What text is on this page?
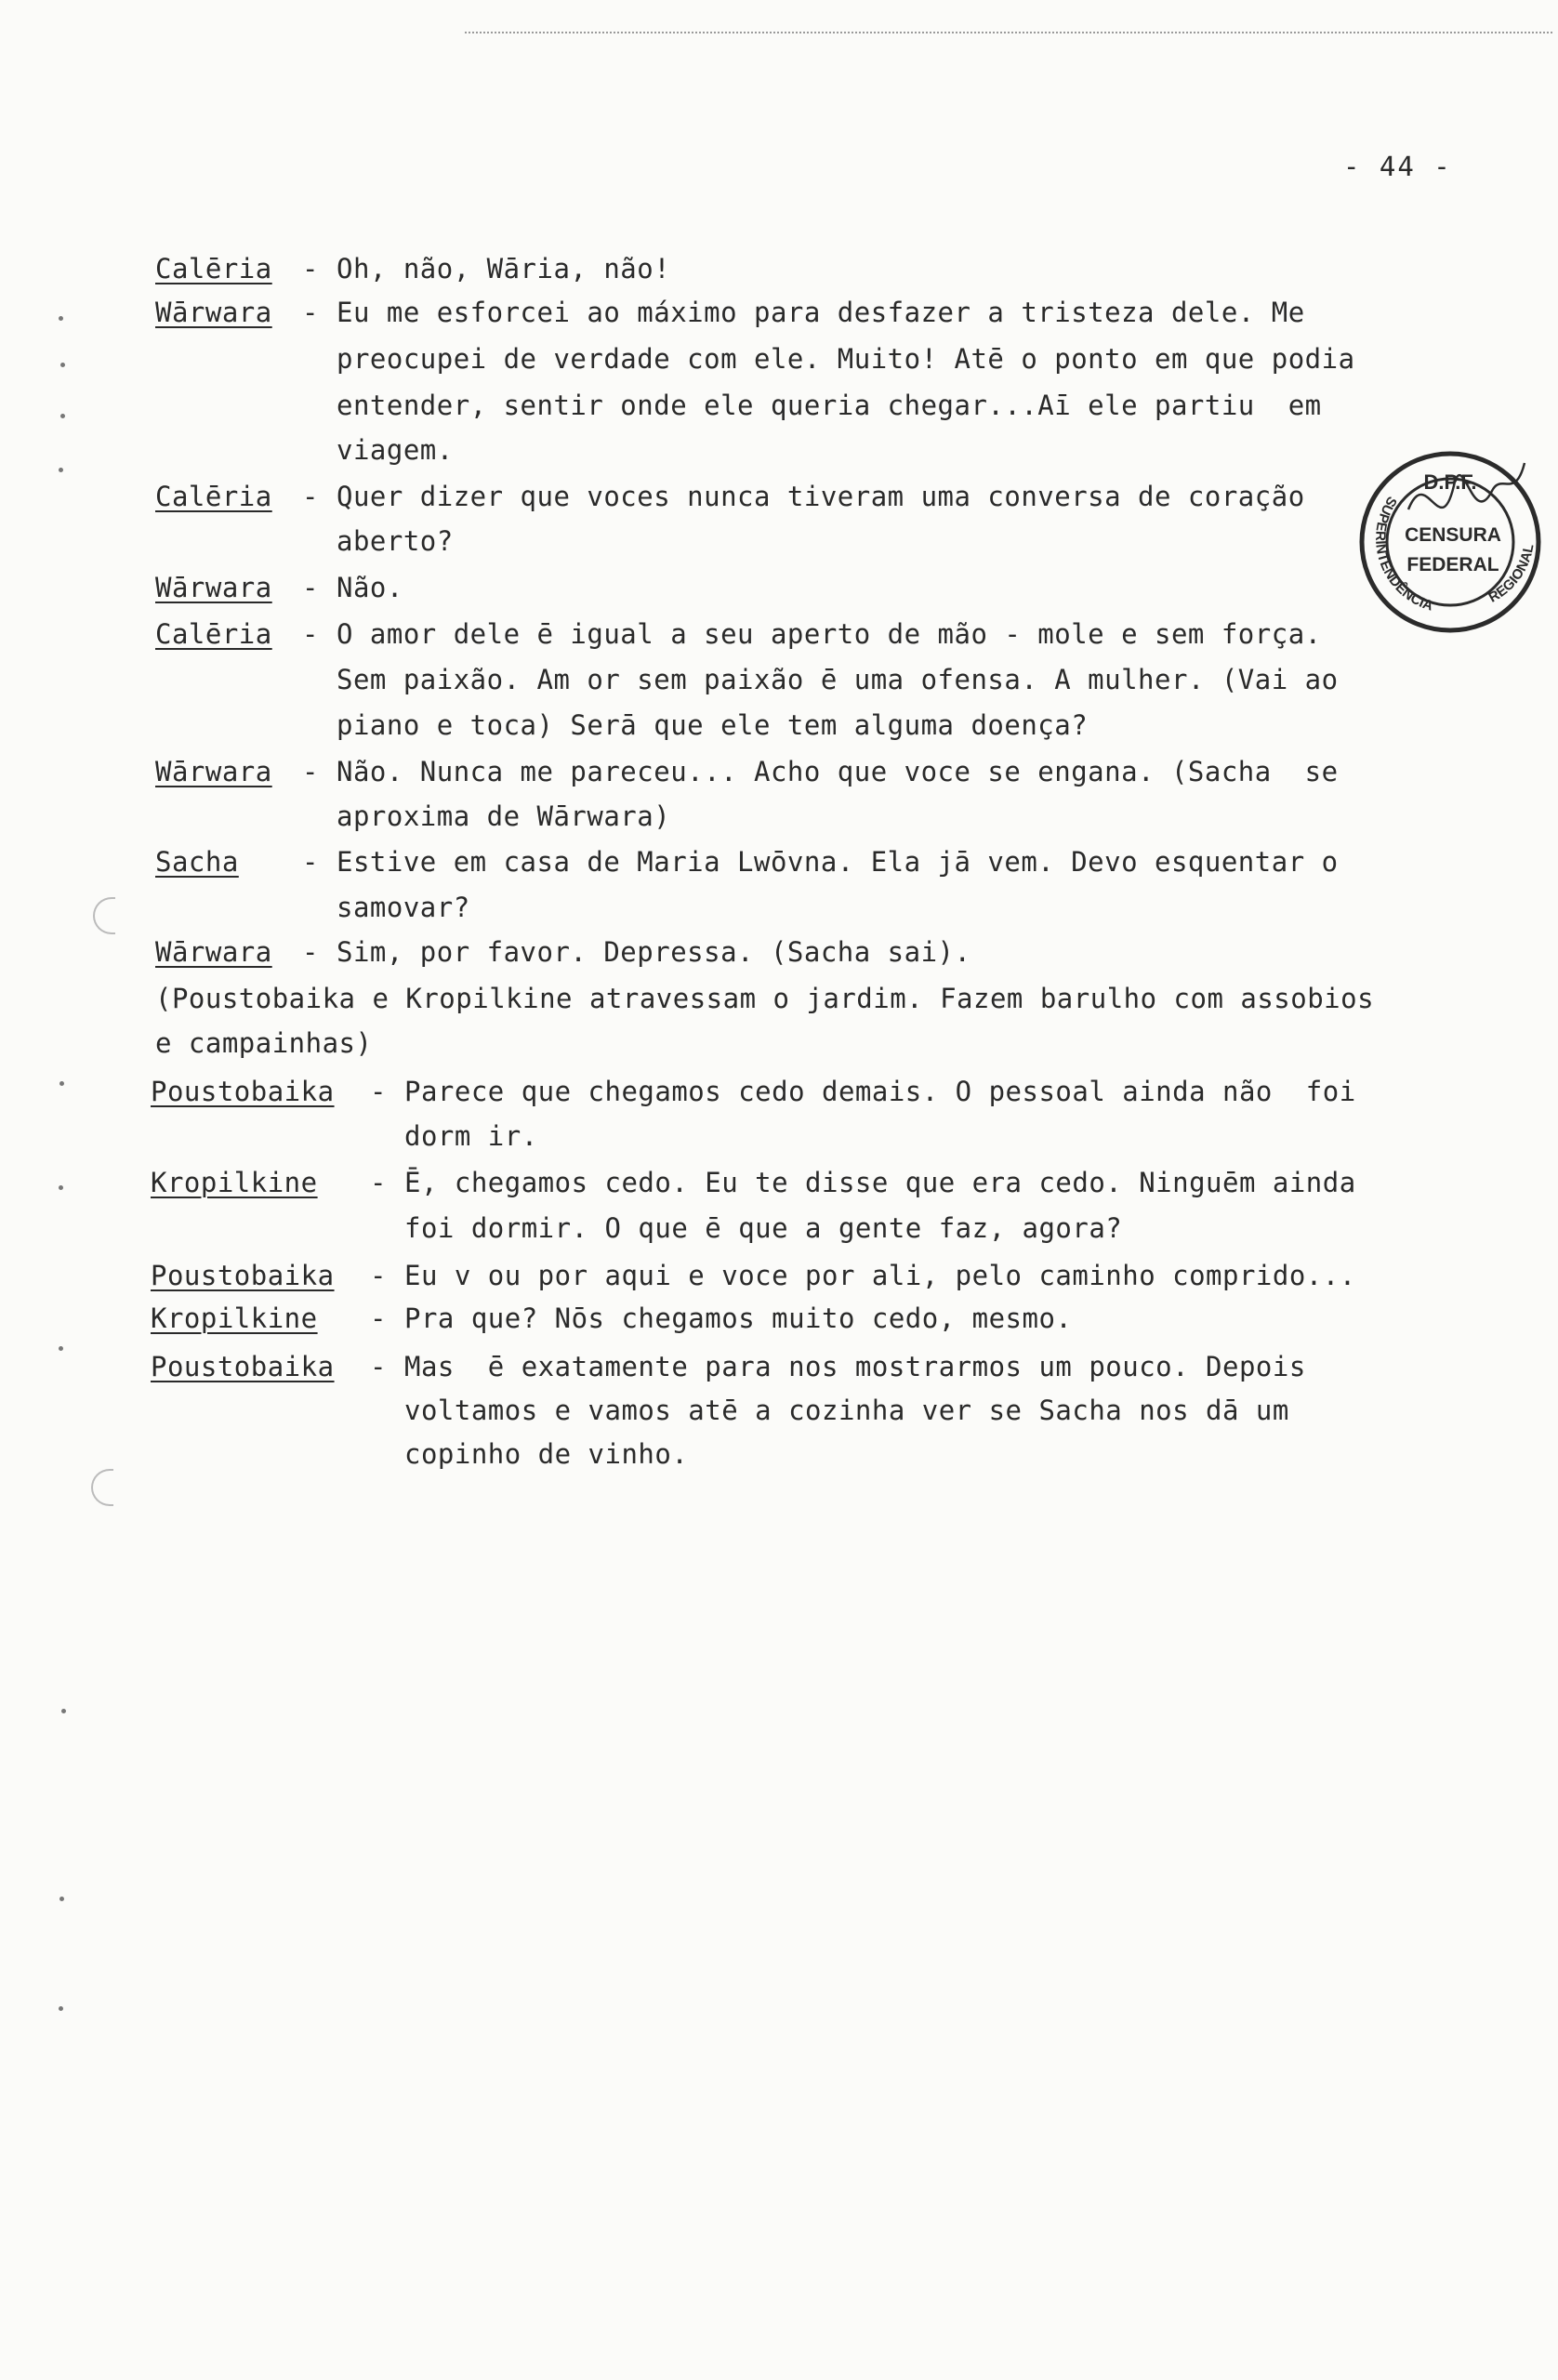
- 44 -
Calēria - Oh, não, Wāria, não!
Wārwara - Eu me esforcei ao máximo para desfazer a tristeza dele. Me
preocupei de verdade com ele. Muito! Atē o ponto em que podia
entender, sentir onde ele queria chegar...Aī ele partiu  em
viagem.
Calēria - Quer dizer que voces nunca tiveram uma conversa de coração
aberto?
Wārwara - Não.
Calēria - O amor dele ē igual a seu aperto de mão - mole e sem força.
Sem paixão. Am or sem paixão ē uma ofensa. A mulher. (Vai ao
piano e toca) Serā que ele tem alguma doença?
Wārwara - Não. Nunca me pareceu... Acho que voce se engana. (Sacha  se
aproxima de Wārwara)
Sacha - Estive em casa de Maria Lwōvna. Ela jā vem. Devo esquentar o
samovar?
Wārwara - Sim, por favor. Depressa. (Sacha sai).
(Poustobaika e Kropilkine atravessam o jardim. Fazem barulho com assobios
e campainhas)
Poustobaika - Parece que chegamos cedo demais. O pessoal ainda não  foi
dorm ir.
Kropilkine - Ē, chegamos cedo. Eu te disse que era cedo. Ninguēm ainda
foi dormir. O que ē que a gente faz, agora?
Poustobaika - Eu v ou por aqui e voce por ali, pelo caminho comprido...
Kropilkine - Pra que? Nōs chegamos muito cedo, mesmo.
Poustobaika - Mas  ē exatamente para nos mostrarmos um pouco. Depois
voltamos e vamos atē a cozinha ver se Sacha nos dā um
copinho de vinho.
D.P.F.
SUPERINTENDÊNCIA	REGIONAL
CENSURA
FEDERAL
